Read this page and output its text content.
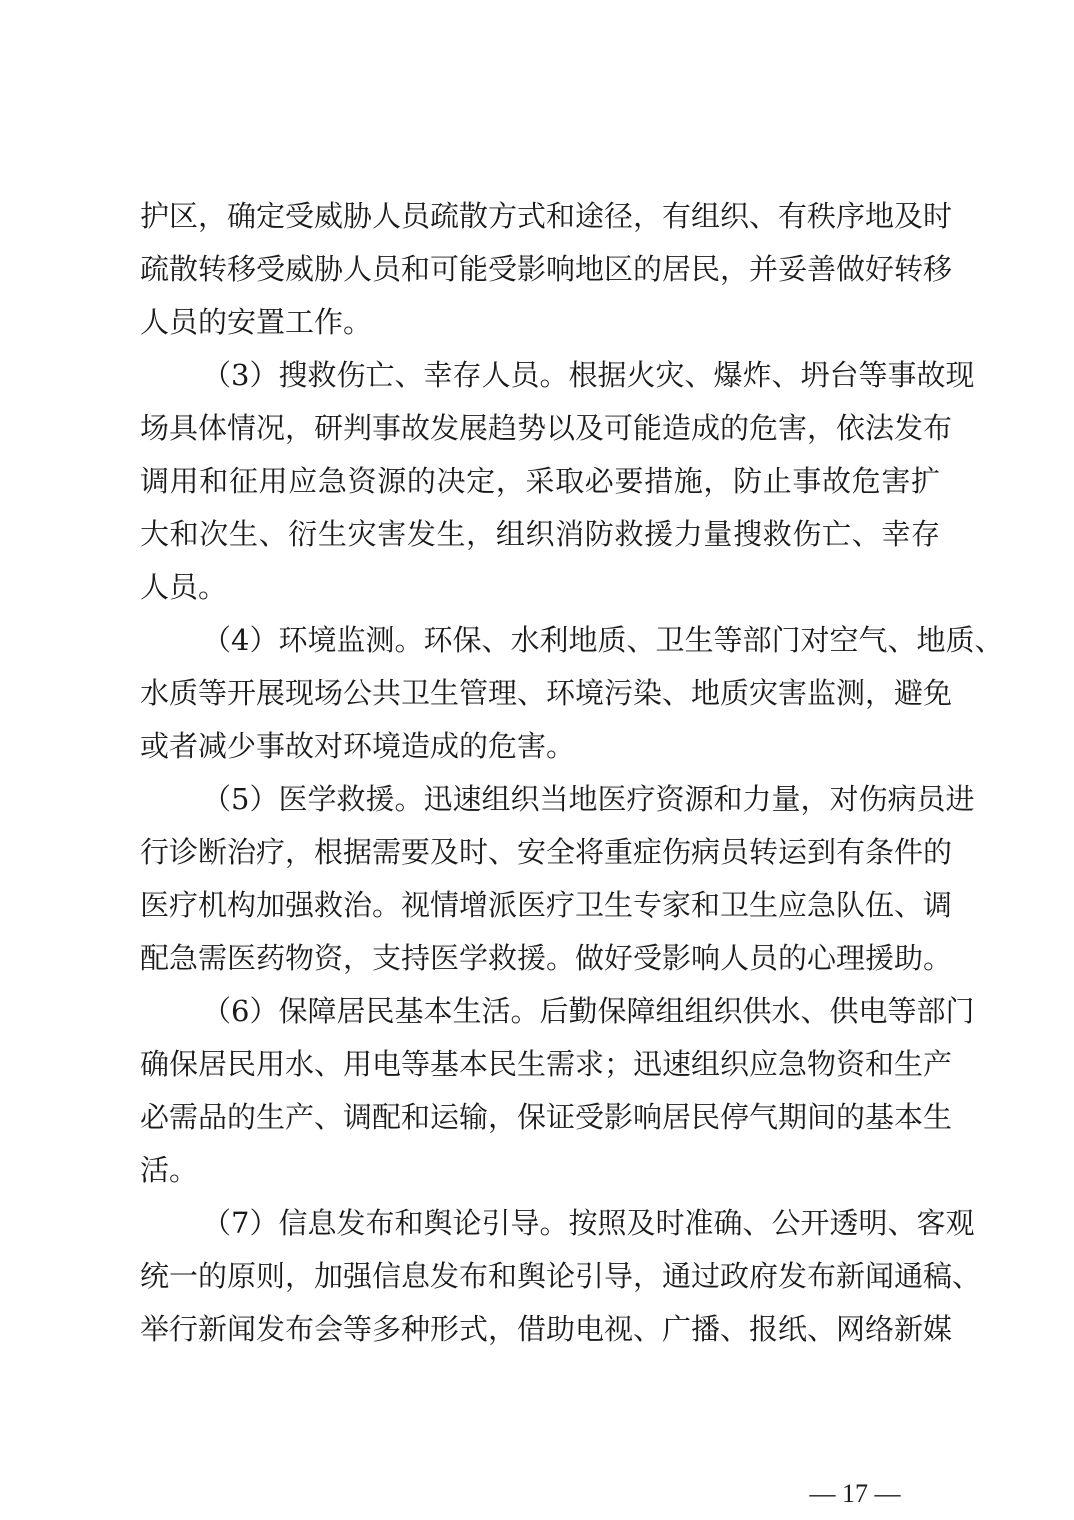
护区，确定受威胁人员疏散方式和途径，有组织、有秩序地及时
疏散转移受威胁人员和可能受影响地区的居民，并妥善做好转移
人员的安置工作。
（3）搜救伤亡、幸存人员。根据火灾、爆炸、坍台等事故现
场具体情况，研判事故发展趋势以及可能造成的危害，依法发布
调用和征用应急资源的决定，采取必要措施，防止事故危害扩
大和次生、衍生灾害发生，组织消防救援力量搜救伤亡、幸存
人员。
（4）环境监测。环保、水利地质、卫生等部门对空气、地质、
水质等开展现场公共卫生管理、环境污染、地质灾害监测，避免
或者减少事故对环境造成的危害。
（5）医学救援。迅速组织当地医疗资源和力量，对伤病员进
行诊断治疗，根据需要及时、安全将重症伤病员转运到有条件的
医疗机构加强救治。视情增派医疗卫生专家和卫生应急队伍、调
配急需医药物资，支持医学救援。做好受影响人员的心理援助。
（6）保障居民基本生活。后勤保障组组织供水、供电等部门
确保居民用水、用电等基本民生需求；迅速组织应急物资和生产
必需品的生产、调配和运输，保证受影响居民停气期间的基本生
活。
（7）信息发布和舆论引导。按照及时准确、公开透明、客观
统一的原则，加强信息发布和舆论引导，通过政府发布新闻通稿、
举行新闻发布会等多种形式，借助电视、广播、报纸、网络新媒
— 17 —
